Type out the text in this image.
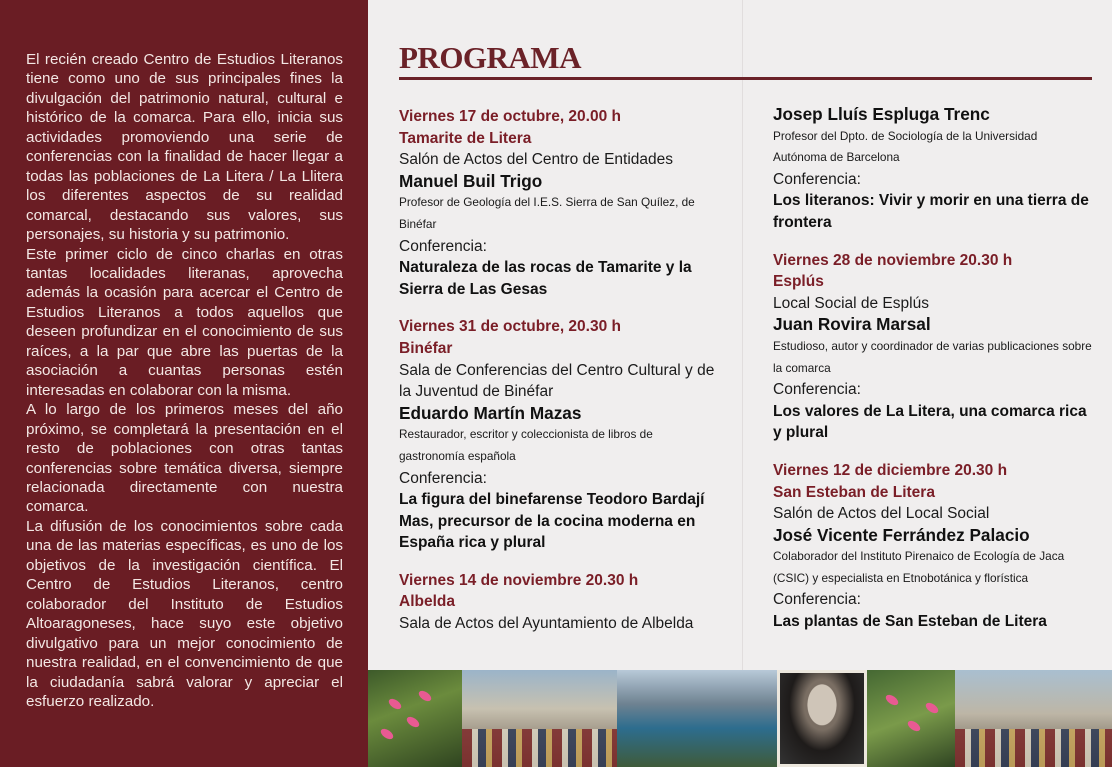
El recién creado Centro de Estudios Literanos tiene como uno de sus principales fines la divulgación del patrimonio natural, cultural e histórico de la comarca. Para ello, inicia sus actividades promoviendo una serie de conferencias con la finalidad de hacer llegar a todas las poblaciones de La Litera / La Llitera los diferentes aspectos de su realidad comarcal, destacando sus valores, sus personajes, su historia y su patrimonio.

Este primer ciclo de cinco charlas en otras tantas localidades literanas, aprovecha además la ocasión para acercar el Centro de Estudios Literanos a todos aquellos que deseen profundizar en el conocimiento de sus raíces, a la par que abre las puertas de la asociación a cuantas personas estén interesadas en colaborar con la misma.

A lo largo de los primeros meses del año próximo, se completará la presentación en el resto de poblaciones con otras tantas conferencias sobre temática diversa, siempre relacionada directamente con nuestra comarca.

La difusión de los conocimientos sobre cada una de las materias específicas, es uno de los objetivos de la investigación científica. El Centro de Estudios Literanos, centro colaborador del Instituto de Estudios Altoaragoneses, hace suyo este objetivo divulgativo para un mejor conocimiento de nuestra realidad, en el convencimiento de que la ciudadanía sabrá valorar y apreciar el esfuerzo realizado.

PROGRAMA
Viernes 17 de octubre, 20.00 h
Tamarite de Litera
Salón de Actos del Centro de Entidades
Manuel Buil Trigo
Profesor de Geología del I.E.S. Sierra de San Quílez, de Binéfar
Conferencia:
Naturaleza de las rocas de Tamarite y la Sierra de Las Gesas
Viernes 31 de octubre, 20.30 h
Binéfar
Sala de Conferencias del Centro Cultural y de la Juventud de Binéfar
Eduardo Martín Mazas
Restaurador, escritor y coleccionista de libros de gastronomía española
Conferencia:
La figura del binefarense Teodoro Bardají Mas, precursor de la cocina moderna en España rica y plural
Viernes 14 de noviembre 20.30 h
Albelda
Sala de Actos del Ayuntamiento de Albelda
Josep Lluís Espluga Trenc
Profesor del Dpto. de Sociología de la Universidad Autónoma de Barcelona
Conferencia:
Los literanos: Vivir y morir en una tierra de frontera
Viernes 28 de noviembre 20.30 h
Esplús
Local Social de Esplús
Juan Rovira Marsal
Estudioso, autor y coordinador de varias publicaciones sobre la comarca
Conferencia:
Los valores de La Litera, una comarca rica y plural
Viernes 12 de diciembre 20.30 h
San Esteban de Litera
Salón de Actos del Local Social
José Vicente Ferrández Palacio
Colaborador del Instituto Pirenaico de Ecología de Jaca (CSIC) y especialista en Etnobotánica y florística
Conferencia:
Las plantas de San Esteban de Litera
